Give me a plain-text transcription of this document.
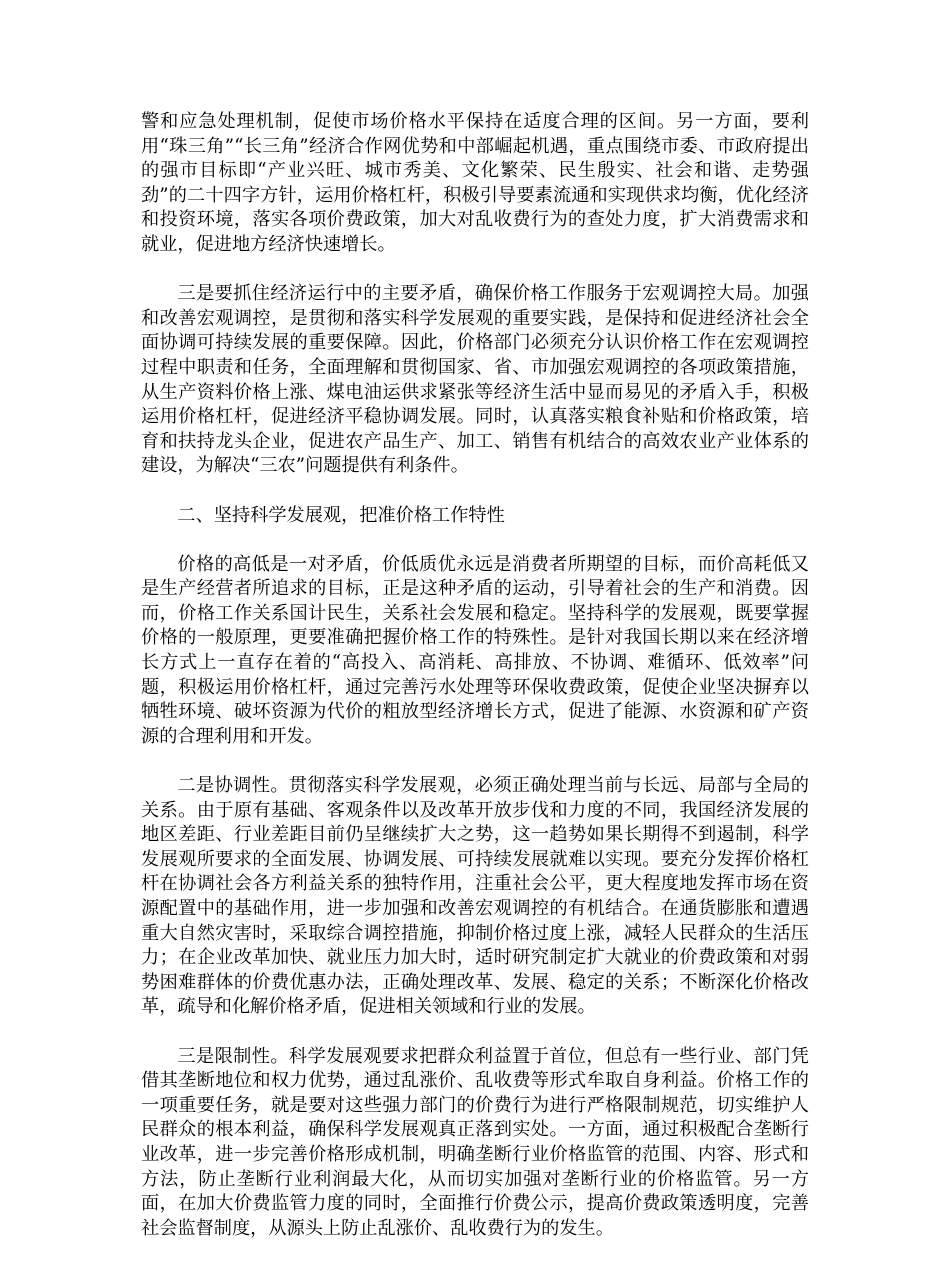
警和应急处理机制，促使市场价格水平保持在适度合理的区间。另一方面，要利用“珠三角”“长三角”经济合作网优势和中部崛起机遇，重点围绕市委、市政府提出的强市目标即“产业兴旺、城市秀美、文化繁荣、民生殷实、社会和谐、走势强劲”的二十四字方针，运用价格杠杆，积极引导要素流通和实现供求均衡，优化经济和投资环境，落实各项价费政策，加大对乱收费行为的查处力度，扩大消费需求和就业，促进地方经济快速增长。

三是要抓住经济运行中的主要矛盾，确保价格工作服务于宏观调控大局。加强和改善宏观调控，是贯彻和落实科学发展观的重要实践，是保持和促进经济社会全面协调可持续发展的重要保障。因此，价格部门必须充分认识价格工作在宏观调控过程中职责和任务，全面理解和贯彻国家、省、市加强宏观调控的各项政策措施，从生产资料价格上涨、煤电油运供求紧张等经济生活中显而易见的矛盾入手，积极运用价格杠杆，促进经济平稳协调发展。同时，认真落实粮食补贴和价格政策，培育和扶持龙头企业，促进农产品生产、加工、销售有机结合的高效农业产业体系的建设，为解决“三农”问题提供有利条件。

二、坚持科学发展观，把准价格工作特性

价格的高低是一对矛盾，价低质优永远是消费者所期望的目标，而价高耗低又是生产经营者所追求的目标，正是这种矛盾的运动，引导着社会的生产和消费。因而，价格工作关系国计民生，关系社会发展和稳定。坚持科学的发展观，既要掌握价格的一般原理，更要准确把握价格工作的特殊性。是针对我国长期以来在经济增长方式上一直存在着的“高投入、高消耗、高排放、不协调、难循环、低效率”问题，积极运用价格杠杆，通过完善污水处理等环保收费政策，促使企业坚决摒弃以牺牲环境、破坏资源为代价的粗放型经济增长方式，促进了能源、水资源和矿产资源的合理利用和开发。

二是协调性。贯彻落实科学发展观，必须正确处理当前与长远、局部与全局的关系。由于原有基础、客观条件以及改革开放步伐和力度的不同，我国经济发展的地区差距、行业差距目前仍呈继续扩大之势，这一趋势如果长期得不到遏制，科学发展观所要求的全面发展、协调发展、可持续发展就难以实现。要充分发挥价格杠杆在协调社会各方利益关系的独特作用，注重社会公平，更大程度地发挥市场在资源配置中的基础作用，进一步加强和改善宏观调控的有机结合。在通货膨胀和遭遇重大自然灾害时，采取综合调控措施，抑制价格过度上涨，减轻人民群众的生活压力；在企业改革加快、就业压力加大时，适时研究制定扩大就业的价费政策和对弱势困难群体的价费优惠办法，正确处理改革、发展、稳定的关系；不断深化价格改革，疏导和化解价格矛盾，促进相关领域和行业的发展。

三是限制性。科学发展观要求把群众利益置于首位，但总有一些行业、部门凭借其垄断地位和权力优势，通过乱涨价、乱收费等形式牟取自身利益。价格工作的一项重要任务，就是要对这些强力部门的价费行为进行严格限制规范，切实维护人民群众的根本利益，确保科学发展观真正落到实处。一方面，通过积极配合垄断行业改革，进一步完善价格形成机制，明确垄断行业价格监管的范围、内容、形式和方法，防止垄断行业利润最大化，从而切实加强对垄断行业的价格监管。另一方面，在加大价费监管力度的同时，全面推行价费公示，提高价费政策透明度，完善社会监督制度，从源头上防止乱涨价、乱收费行为的发生。
